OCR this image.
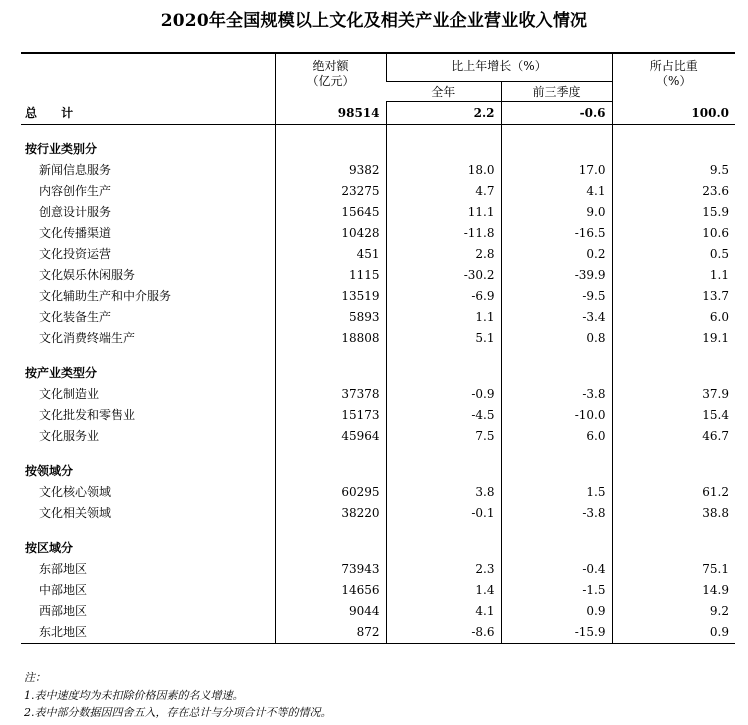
2020年全国规模以上文化及相关产业企业营业收入情况

	绝对额
（亿元）	比上年增长（%）		所占比重
（%）

		全年	前三季度	
总 计	98514	2.2	-0.6	100.0

按行业类别分				
新闻信息服务	9382	18.0	17.0	9.5
内容创作生产	23275	4.7	4.1	23.6
创意设计服务	15645	11.1	9.0	15.9
文化传播渠道	10428	-11.8	-16.5	10.6
文化投资运营	451	2.8	0.2	0.5
文化娱乐休闲服务	1115	-30.2	-39.9	1.1
文化辅助生产和中介服务	13519	-6.9	-9.5	13.7
文化装备生产	5893	1.1	-3.4	6.0
文化消费终端生产	18808	5.1	0.8	19.1

按产业类型分				
文化制造业	37378	-0.9	-3.8	37.9
文化批发和零售业	15173	-4.5	-10.0	15.4
文化服务业	45964	7.5	6.0	46.7

按领域分				
文化核心领域	60295	3.8	1.5	61.2
文化相关领域	38220	-0.1	-3.8	38.8

按区域分				
东部地区	73943	2.3	-0.4	75.1
中部地区	14656	1.4	-1.5	14.9
西部地区	9044	4.1	0.9	9.2
东北地区	872	-8.6	-15.9	0.9
注：
1.表中速度均为未扣除价格因素的名义增速。
2.表中部分数据因四舍五入，存在总计与分项合计不等的情况。
